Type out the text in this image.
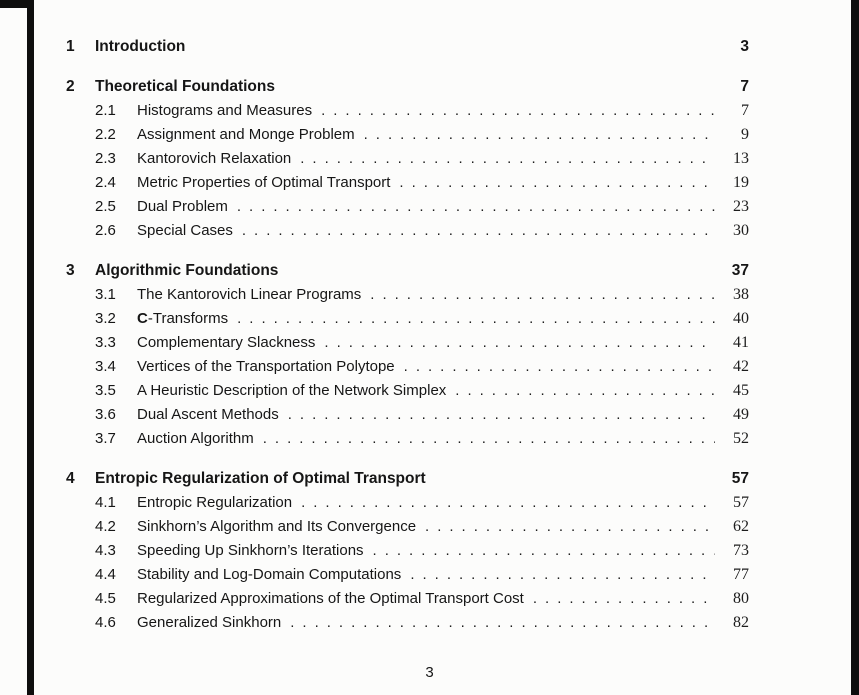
1	Introduction	3
2	Theoretical Foundations	7
2.1	Histograms and Measures .....	7
2.2	Assignment and Monge Problem .....	9
2.3	Kantorovich Relaxation .....	13
2.4	Metric Properties of Optimal Transport .....	19
2.5	Dual Problem .....	23
2.6	Special Cases .....	30
3	Algorithmic Foundations	37
3.1	The Kantorovich Linear Programs .....	38
3.2	C-Transforms .....	40
3.3	Complementary Slackness .....	41
3.4	Vertices of the Transportation Polytope .....	42
3.5	A Heuristic Description of the Network Simplex .....	45
3.6	Dual Ascent Methods .....	49
3.7	Auction Algorithm .....	52
4	Entropic Regularization of Optimal Transport	57
4.1	Entropic Regularization .....	57
4.2	Sinkhorn’s Algorithm and Its Convergence .....	62
4.3	Speeding Up Sinkhorn’s Iterations .....	73
4.4	Stability and Log-Domain Computations .....	77
4.5	Regularized Approximations of the Optimal Transport Cost .....	80
4.6	Generalized Sinkhorn .....	82
3
